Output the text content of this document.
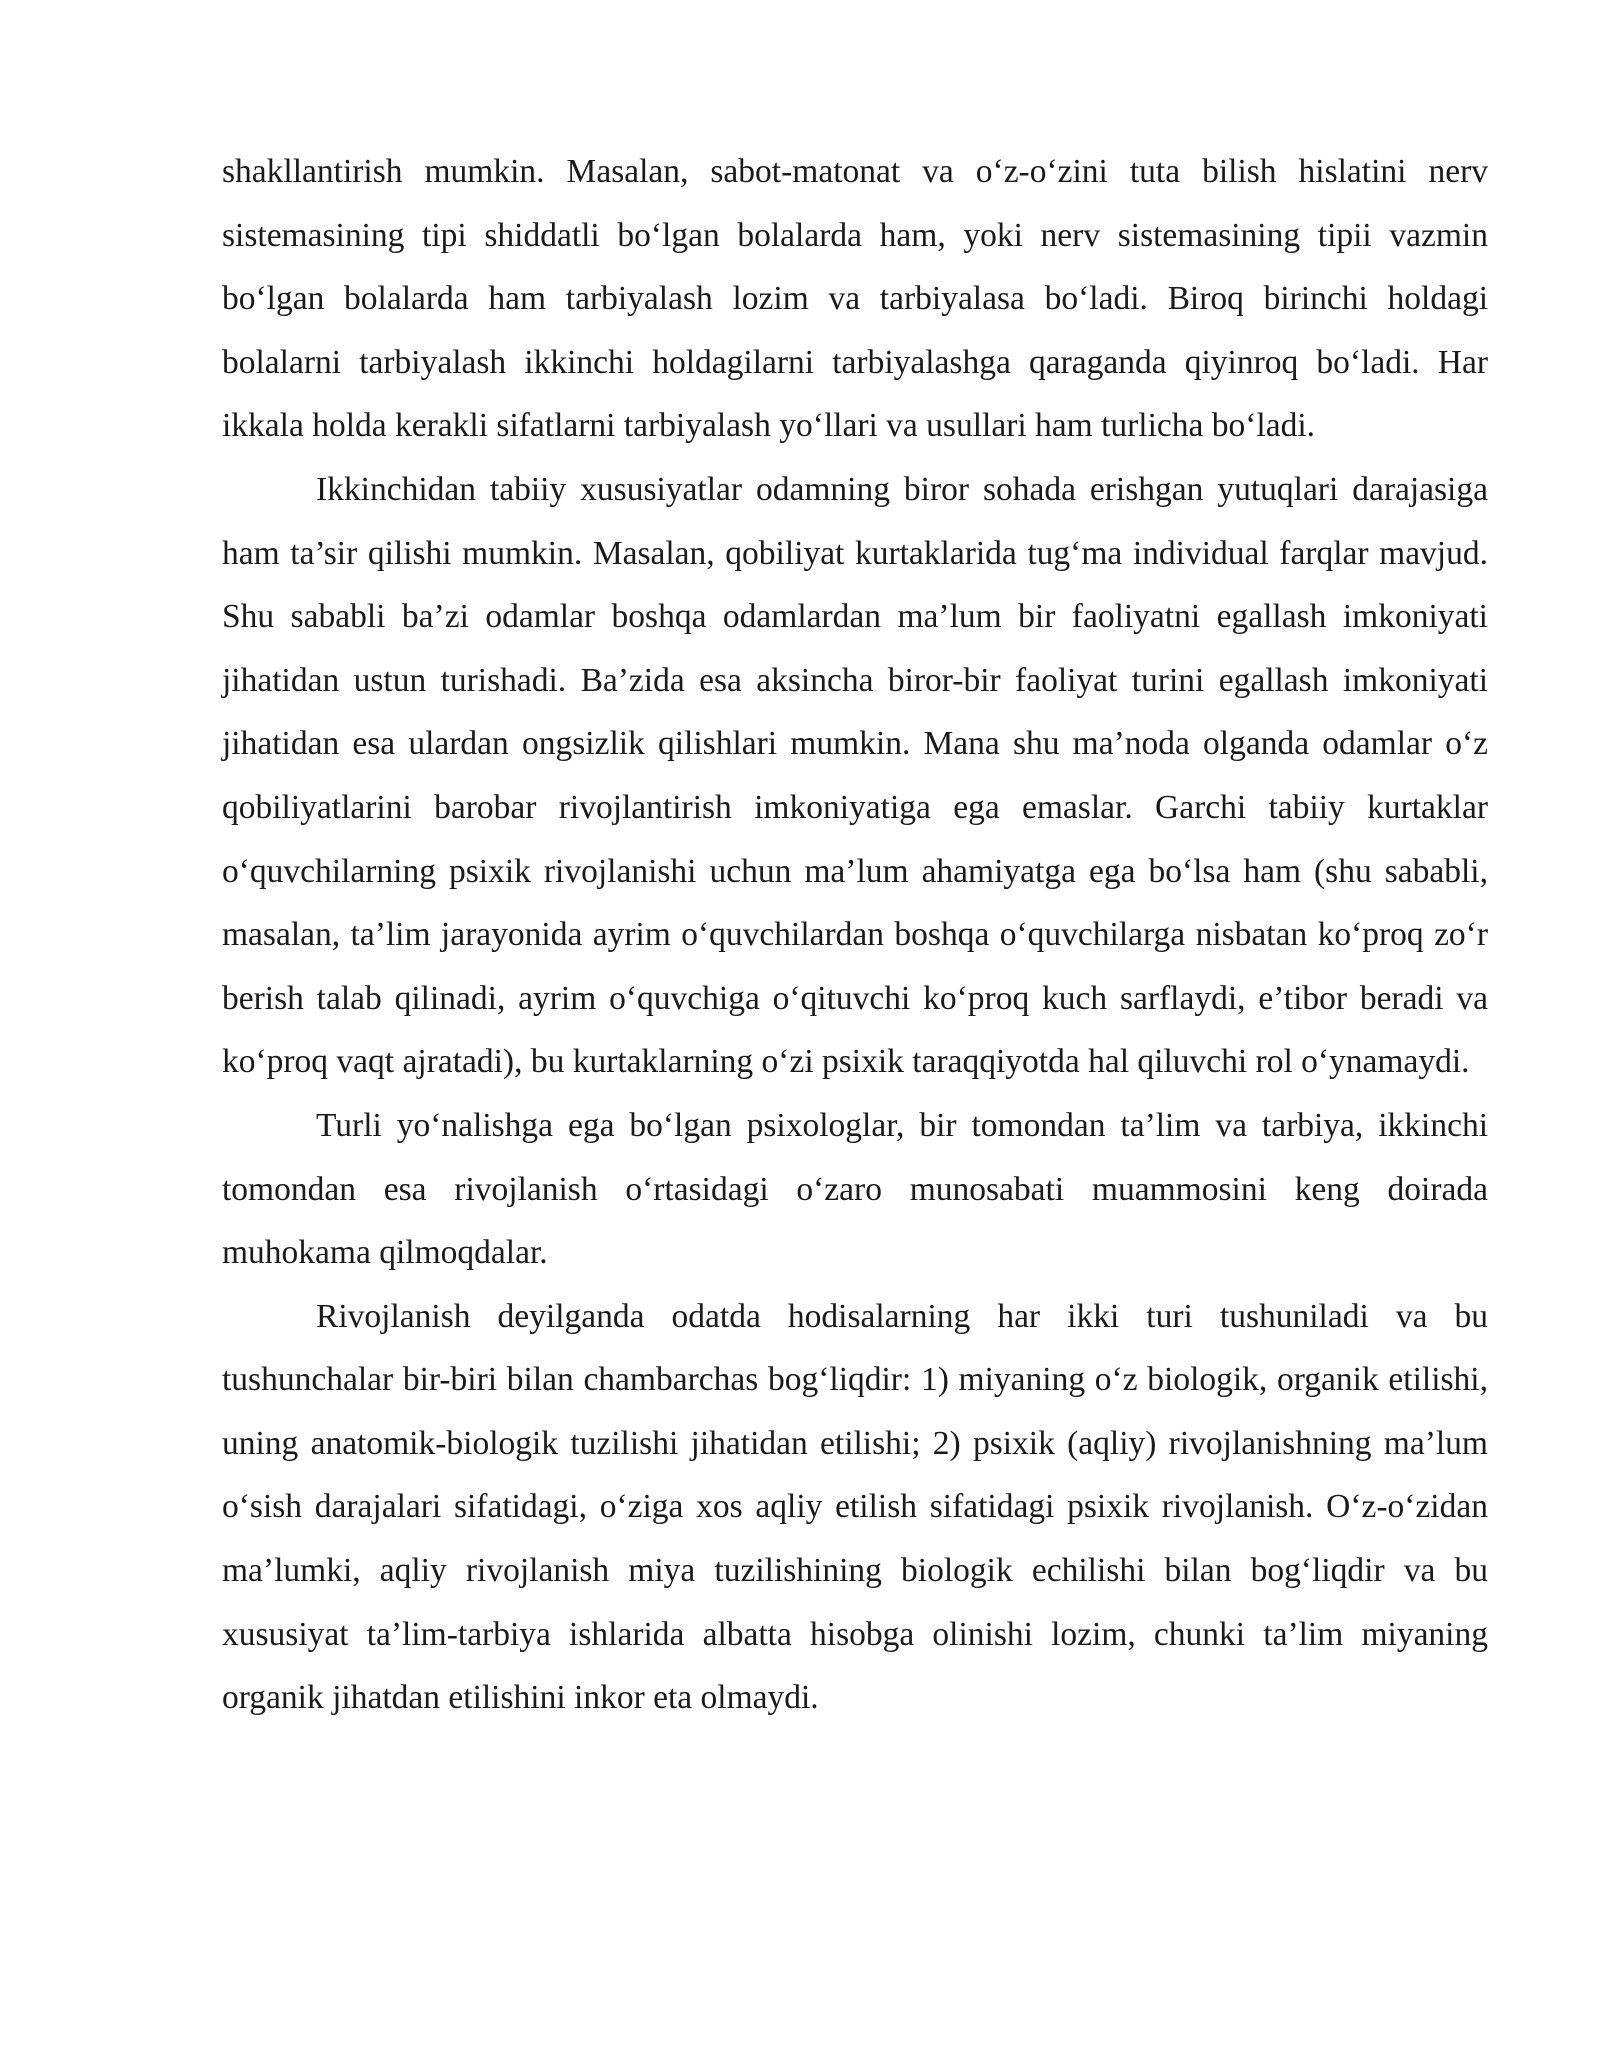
shakllantirish mumkin. Masalan, sabot-matonat va o‘z-o‘zini tuta bilish hislatini nerv sistemasining tipi shiddatli bo‘lgan bolalarda ham, yoki nerv sistemasining tipii vazmin bo‘lgan bolalarda ham tarbiyalash lozim va tarbiyalasa bo‘ladi. Biroq birinchi holdagi bolalarni tarbiyalash ikkinchi holdagilarni tarbiyalashga qaraganda qiyinroq bo‘ladi. Har ikkala holda kerakli sifatlarni tarbiyalash yo‘llari va usullari ham turlicha bo‘ladi.

Ikkinchidan tabiiy xususiyatlar odamning biror sohada erishgan yutuqlari darajasiga ham ta’sir qilishi mumkin. Masalan, qobiliyat kurtaklarida tug‘ma individual farqlar mavjud. Shu sababli ba’zi odamlar boshqa odamlardan ma’lum bir faoliyatni egallash imkoniyati jihatidan ustun turishadi. Ba’zida esa aksincha biror-bir faoliyat turini egallash imkoniyati jihatidan esa ulardan ongsizlik qilishlari mumkin. Mana shu ma’noda olganda odamlar o‘z qobiliyatlarini barobar rivojlantirish imkoniyatiga ega emaslar. Garchi tabiiy kurtaklar o‘quvchilarning psixik rivojlanishi uchun ma’lum ahamiyatga ega bo‘lsa ham (shu sababli, masalan, ta’lim jarayonida ayrim o‘quvchilardan boshqa o‘quvchilarga nisbatan ko‘proq zo‘r berish talab qilinadi, ayrim o‘quvchiga o‘qituvchi ko‘proq kuch sarflaydi, e’tibor beradi va ko‘proq vaqt ajratadi), bu kurtaklarning o‘zi psixik taraqqiyotda hal qiluvchi rol o‘ynamaydi.

Turli yo‘nalishga ega bo‘lgan psixologlar, bir tomondan ta’lim va tarbiya, ikkinchi tomondan esa rivojlanish o‘rtasidagi o‘zaro munosabati muammosini keng doirada muhokama qilmoqdalar.

Rivojlanish deyilganda odatda hodisalarning har ikki turi tushuniladi va bu tushunchalar bir-biri bilan chambarchas bog‘liqdir: 1) miyaning o‘z biologik, organik etilishi, uning anatomik-biologik tuzilishi jihatidan etilishi; 2) psixik (aqliy) rivojlanishning ma’lum o‘sish darajalari sifatidagi, o‘ziga xos aqliy etilish sifatidagi psixik rivojlanish. O‘z-o‘zidan ma’lumki, aqliy rivojlanish miya tuzilishining biologik echilishi bilan bog‘liqdir va bu xususiyat ta’lim-tarbiya ishlarida albatta hisobga olinishi lozim, chunki ta’lim miyaning organik jihatdan etilishini inkor eta olmaydi.
